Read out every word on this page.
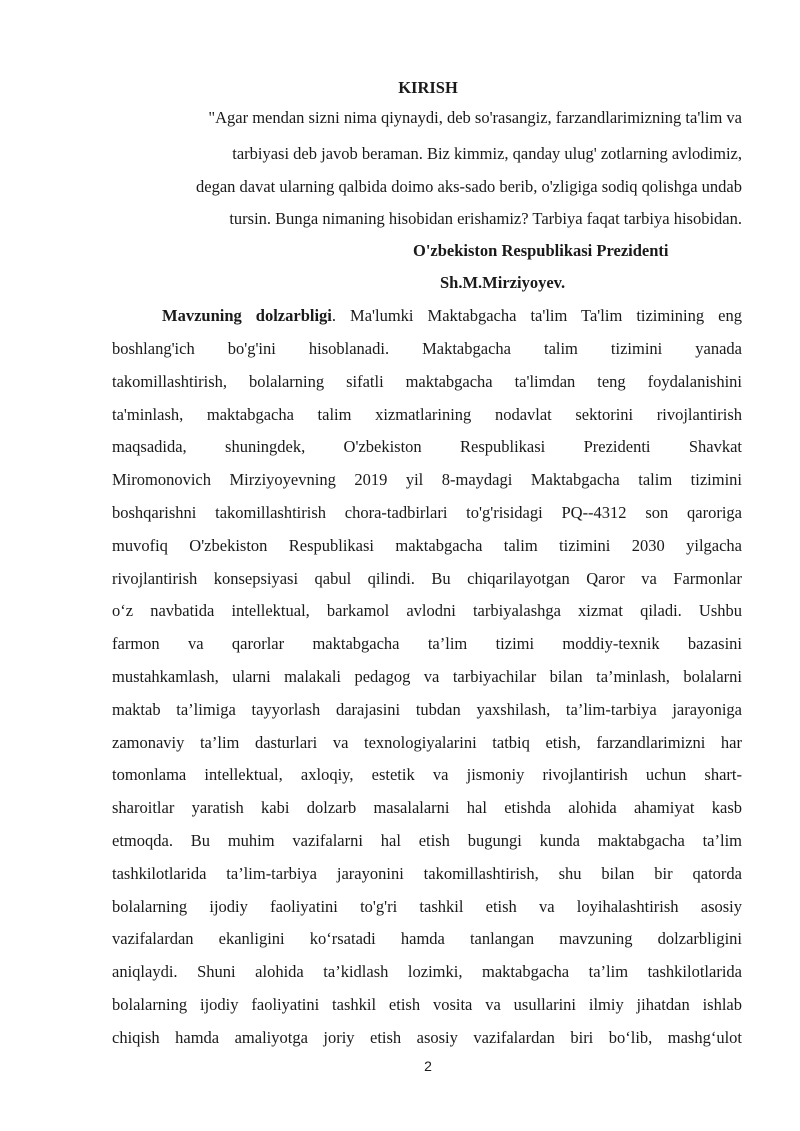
KIRISH
"Agar mendan sizni nima qiynaydi, deb so'rasangiz, farzandlarimizning ta'lim va
tarbiyasi deb javob beraman. Biz kimmiz, qanday ulug' zotlarning avlodimiz,
degan davat ularning qalbida doimo aks-sado berib, o'zligiga sodiq qolishga undab
tursin. Bunga nimaning hisobidan erishamiz? Tarbiya faqat tarbiya hisobidan.
O'zbekiston Respublikasi Prezidenti
Sh.M.Mirziyoyev.
Mavzuning dolzarbligi. Ma'lumki Maktabgacha ta'lim Ta'lim tizimining eng
boshlang'ich bo'g'ini hisoblanadi. Maktabgacha talim tizimini yanada
takomillashtirish, bolalarning sifatli maktabgacha ta'limdan teng foydalanishini
ta'minlash, maktabgacha talim xizmatlarining nodavlat sektorini rivojlantirish
maqsadida, shuningdek, O'zbekiston Respublikasi Prezidenti Shavkat
Miromonovich Mirziyoyevning 2019 yil 8-maydagi Maktabgacha talim tizimini
boshqarishni takomillashtirish chora-tadbirlari to'g'risidagi PQ--4312 son qaroriga
muvofiq O'zbekiston Respublikasi maktabgacha talim tizimini 2030 yilgacha
rivojlantirish konsepsiyasi qabul qilindi. Bu chiqarilayotgan Qaror va Farmonlar
o‘z navbatida intellektual, barkamol avlodni tarbiyalashga xizmat qiladi. Ushbu
farmon va qarorlar maktabgacha ta’lim tizimi moddiy-texnik bazasini
mustahkamlash, ularni malakali pedagog va tarbiyachilar bilan ta’minlash, bolalarni
maktab ta’limiga tayyorlash darajasini tubdan yaxshilash, ta’lim-tarbiya jarayoniga
zamonaviy ta’lim dasturlari va texnologiyalarini tatbiq etish, farzandlarimizni har
tomonlama intellektual, axloqiy, estetik va jismoniy rivojlantirish uchun shart-
sharoitlar yaratish kabi dolzarb masalalarni hal etishda alohida ahamiyat kasb
etmoqda. Bu muhim vazifalarni hal etish bugungi kunda maktabgacha ta’lim
tashkilotlarida ta’lim-tarbiya jarayonini takomillashtirish, shu bilan bir qatorda
bolalarning ijodiy faoliyatini to'g'ri tashkil etish va loyihalashtirish asosiy
vazifalardan ekanligini ko‘rsatadi hamda tanlangan mavzuning dolzarbligini
aniqlaydi. Shuni alohida ta’kidlash lozimki, maktabgacha ta’lim tashkilotlarida
bolalarning ijodiy faoliyatini tashkil etish vosita va usullarini ilmiy jihatdan ishlab
chiqish hamda amaliyotga joriy etish asosiy vazifalardan biri bo‘lib, mashg‘ulot
2
